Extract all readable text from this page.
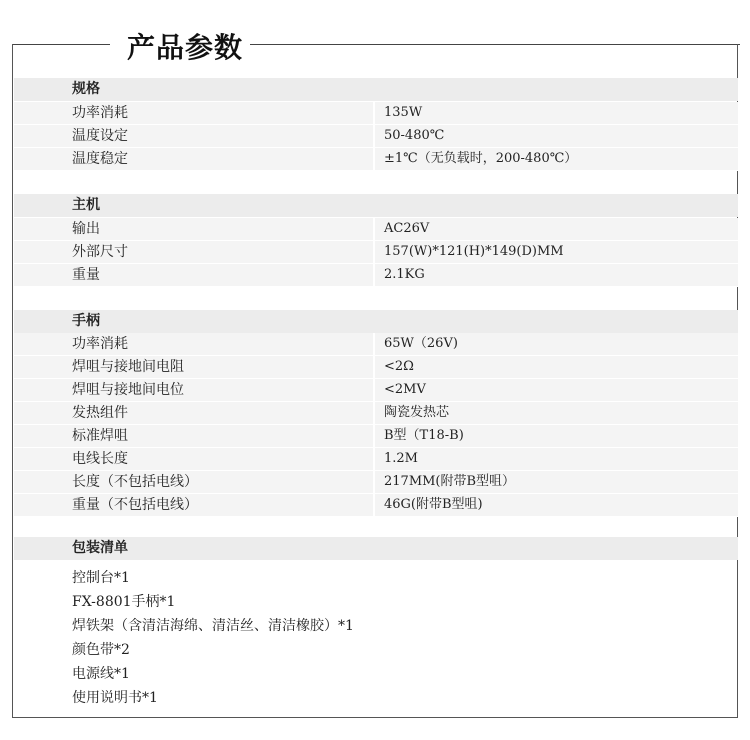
产品参数
规格
功率消耗	135W
温度设定	50-480℃
温度稳定	±1℃（无负载时，200-480℃）
主机
输出	AC26V
外部尺寸	157(W)*121(H)*149(D)MM
重量	2.1KG
手柄
功率消耗	65W（26V)
焊咀与接地间电阻	<2Ω
焊咀与接地间电位	<2MV
发热组件	陶瓷发热芯
标准焊咀	B型（T18-B)
电线长度	1.2M
长度（不包括电线）	217MM(附带B型咀）
重量（不包括电线）	46G(附带B型咀)
包装清单
控制台*1
FX-8801手柄*1
焊铁架（含清洁海绵、清洁丝、清洁橡胶）*1
颜色带*2
电源线*1
使用说明书*1
